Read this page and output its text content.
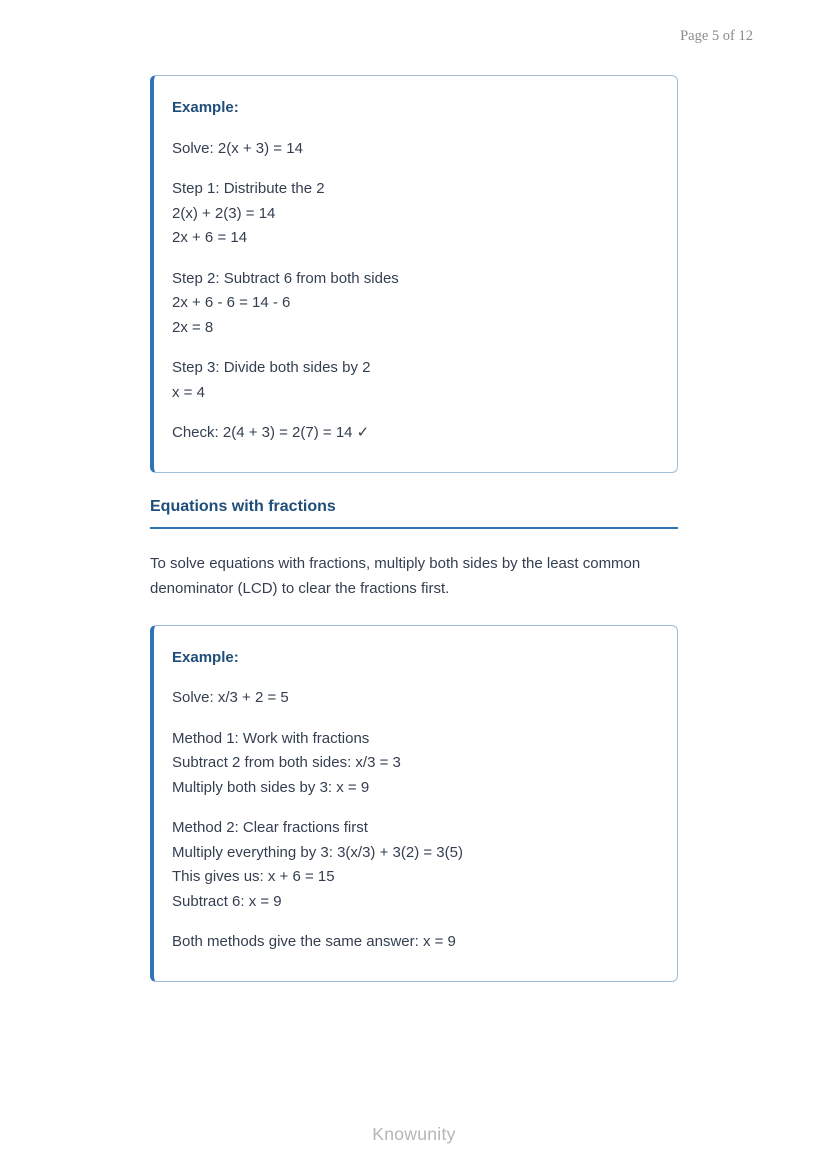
Page 5 of 12
Example:

Solve: 2(x + 3) = 14

Step 1: Distribute the 2
2(x) + 2(3) = 14
2x + 6 = 14

Step 2: Subtract 6 from both sides
2x + 6 - 6 = 14 - 6
2x = 8

Step 3: Divide both sides by 2
x = 4

Check: 2(4 + 3) = 2(7) = 14 ✓

Equations with fractions

To solve equations with fractions, multiply both sides by the least common denominator (LCD) to clear the fractions first.

Example:

Solve: x/3 + 2 = 5

Method 1: Work with fractions
Subtract 2 from both sides: x/3 = 3
Multiply both sides by 3: x = 9

Method 2: Clear fractions first
Multiply everything by 3: 3(x/3) + 3(2) = 3(5)
This gives us: x + 6 = 15
Subtract 6: x = 9

Both methods give the same answer: x = 9

Knowunity
